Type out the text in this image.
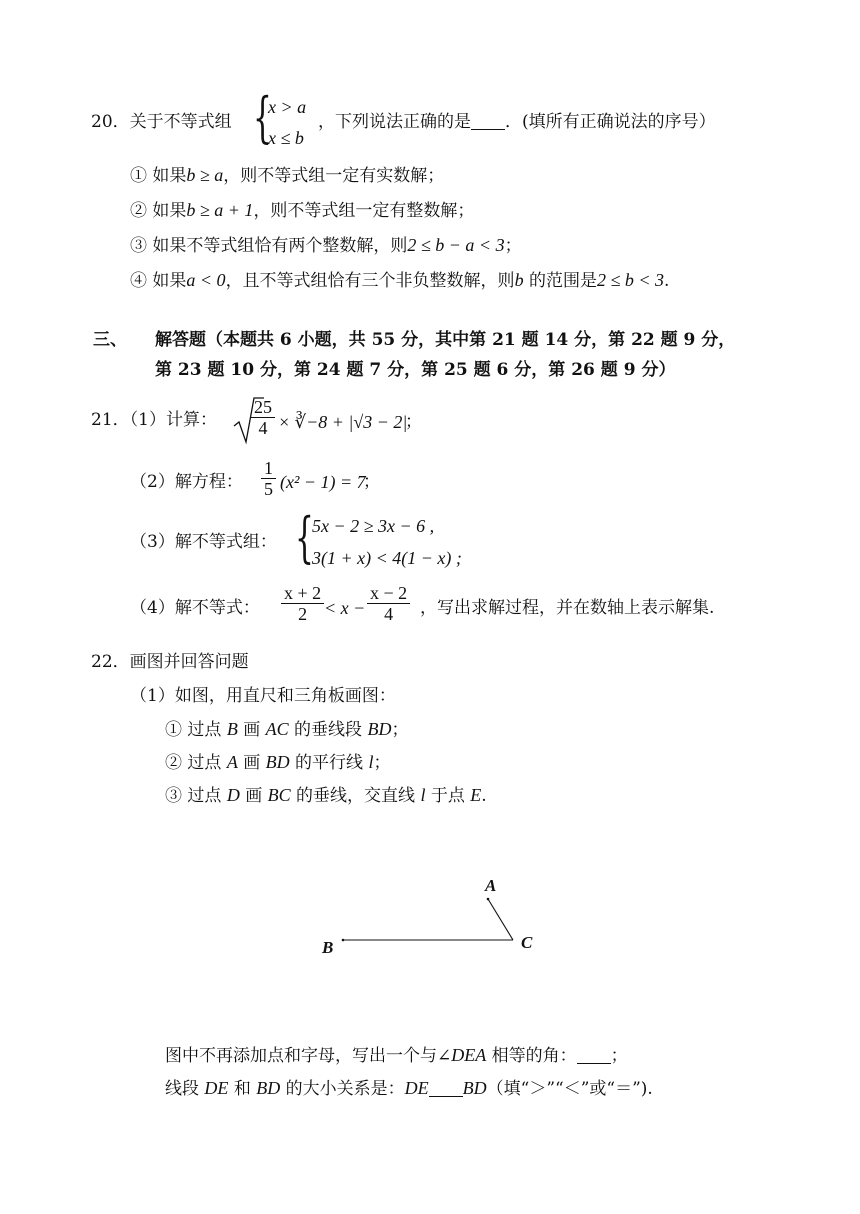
20．关于不等式组 {
x > a
x ≤ b
，下列说法正确的是 ．(填所有正确说法的序号）
① 如果b ≥ a，则不等式组一定有实数解；
② 如果b ≥ a + 1，则不等式组一定有整数解；
③ 如果不等式组恰有两个整数解，则2 ≤ b − a < 3；
④ 如果a < 0，且不等式组恰有三个非负整数解，则b 的范围是2 ≤ b < 3.
三、 解答题（本题共 6 小题，共 55 分，其中第 21 题 14 分，第 22 题 9 分，
第 23 题 10 分，第 24 题 7 分，第 25 题 6 分，第 26 题 9 分）
21．（1）计算： $\frac{25}{4}$ × ∛−8 + |√3 − 2|
；
（2）解方程： $\frac{1}{5} (x^2 - 1) = 7$
；
（3）解不等式组： {
5x − 2 ≥ 3x − 6 ,
3(1 + x) < 4(1 − x) ;
（4）解不等式： $\frac{x + 2}{2} < x - \frac{x - 2}{4}$ ，写出求解过程，并在数轴上表示解集.
22．画图并回答问题
（1）如图，用直尺和三角板画图：
① 过点 B 画 AC 的垂线段 BD；
② 过点 A 画 BD 的平行线 l；
③ 过点 D 画 BC 的垂线，交直线 l 于点 E.
A
B	C
图中不再添加点和字母，写出一个与∠DEA 相等的角： ；
线段 DE 和 BD 的大小关系是：DE BD（填“＞”“＜”或“＝”).
